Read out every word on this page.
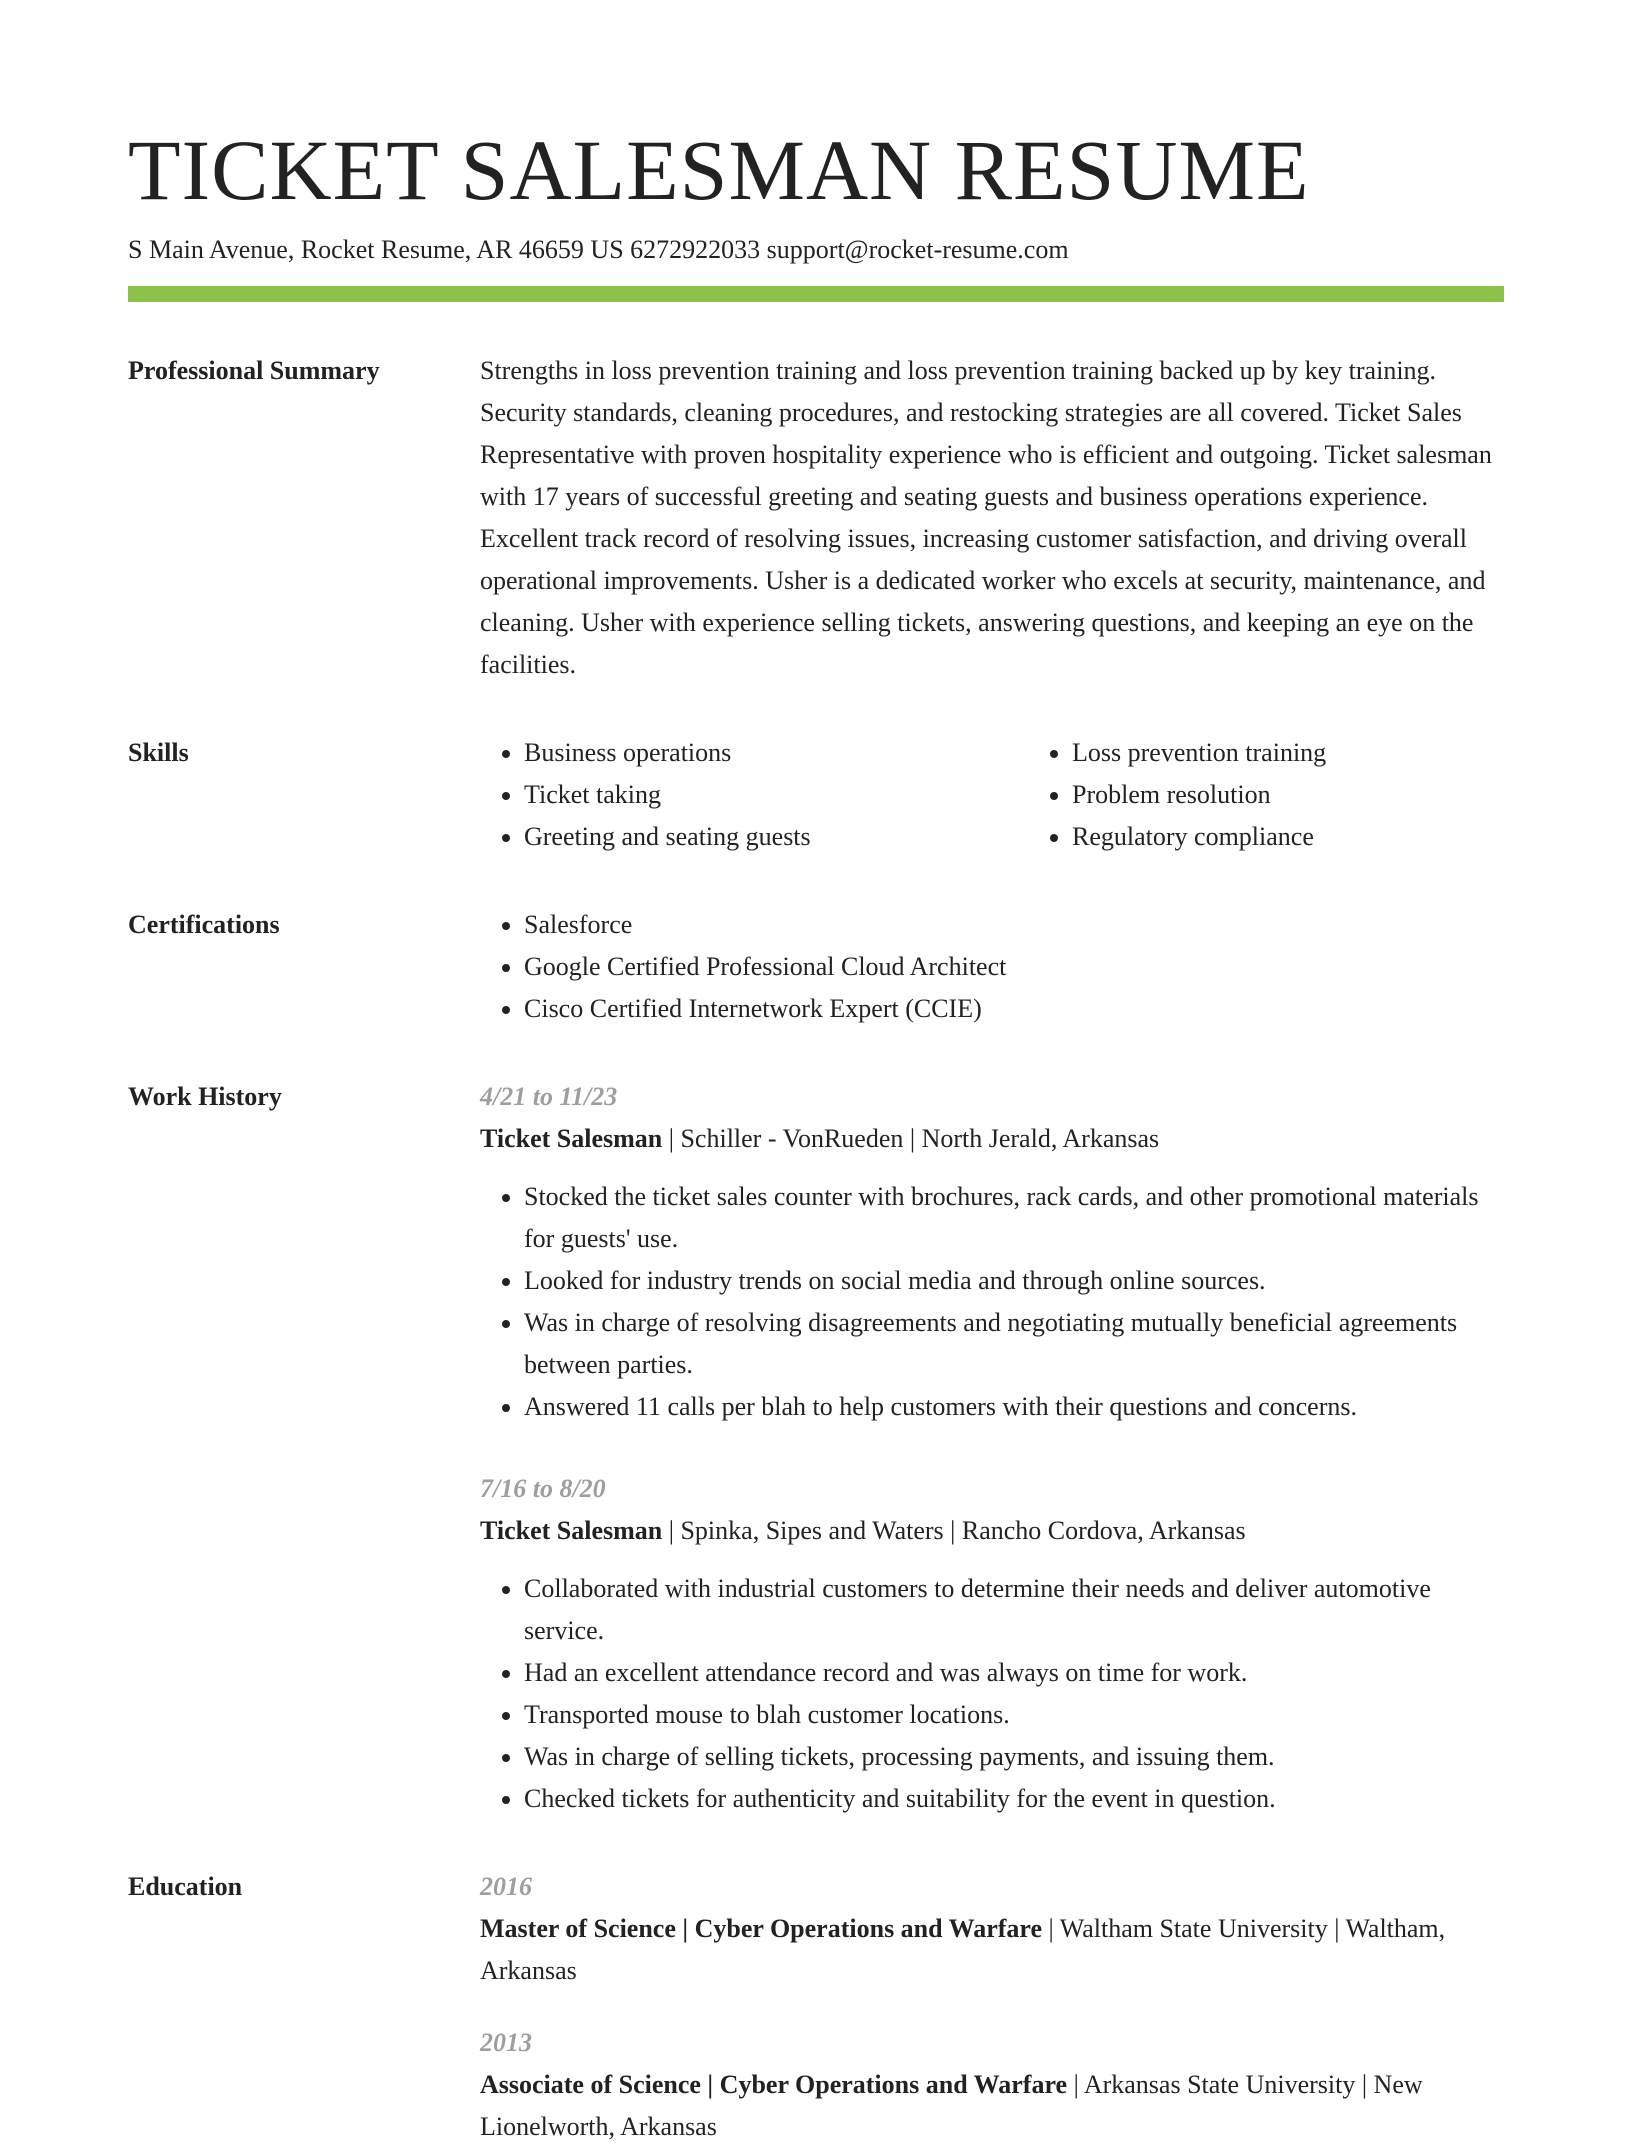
TICKET SALESMAN RESUME
S Main Avenue, Rocket Resume, AR 46659 US 6272922033 support@rocket-resume.com
Professional Summary	Strengths in loss prevention training and loss prevention training backed up by key training. Security standards, cleaning procedures, and restocking strategies are all covered. Ticket Sales Representative with proven hospitality experience who is efficient and outgoing. Ticket salesman with 17 years of successful greeting and seating guests and business operations experience. Excellent track record of resolving issues, increasing customer satisfaction, and driving overall operational improvements. Usher is a dedicated worker who excels at security, maintenance, and cleaning. Usher with experience selling tickets, answering questions, and keeping an eye on the facilities.

Skills	• Business operations
• Ticket taking
• Greeting and seating guests
• Loss prevention training
• Problem resolution
• Regulatory compliance
Certifications	• Salesforce
• Google Certified Professional Cloud Architect
• Cisco Certified Internetwork Expert (CCIE)
Work History	4/21 to 11/23
Ticket Salesman | Schiller - VonRueden | North Jerald, Arkansas
• Stocked the ticket sales counter with brochures, rack cards, and other promotional materials for guests' use.
• Looked for industry trends on social media and through online sources.
• Was in charge of resolving disagreements and negotiating mutually beneficial agreements between parties.
• Answered 11 calls per blah to help customers with their questions and concerns.
7/16 to 8/20
Ticket Salesman | Spinka, Sipes and Waters | Rancho Cordova, Arkansas
• Collaborated with industrial customers to determine their needs and deliver automotive service.
• Had an excellent attendance record and was always on time for work.
• Transported mouse to blah customer locations.
• Was in charge of selling tickets, processing payments, and issuing them.
• Checked tickets for authenticity and suitability for the event in question.
Education	2016
Master of Science | Cyber Operations and Warfare | Waltham State University | Waltham, Arkansas
2013
Associate of Science | Cyber Operations and Warfare | Arkansas State University | New Lionelworth, Arkansas
